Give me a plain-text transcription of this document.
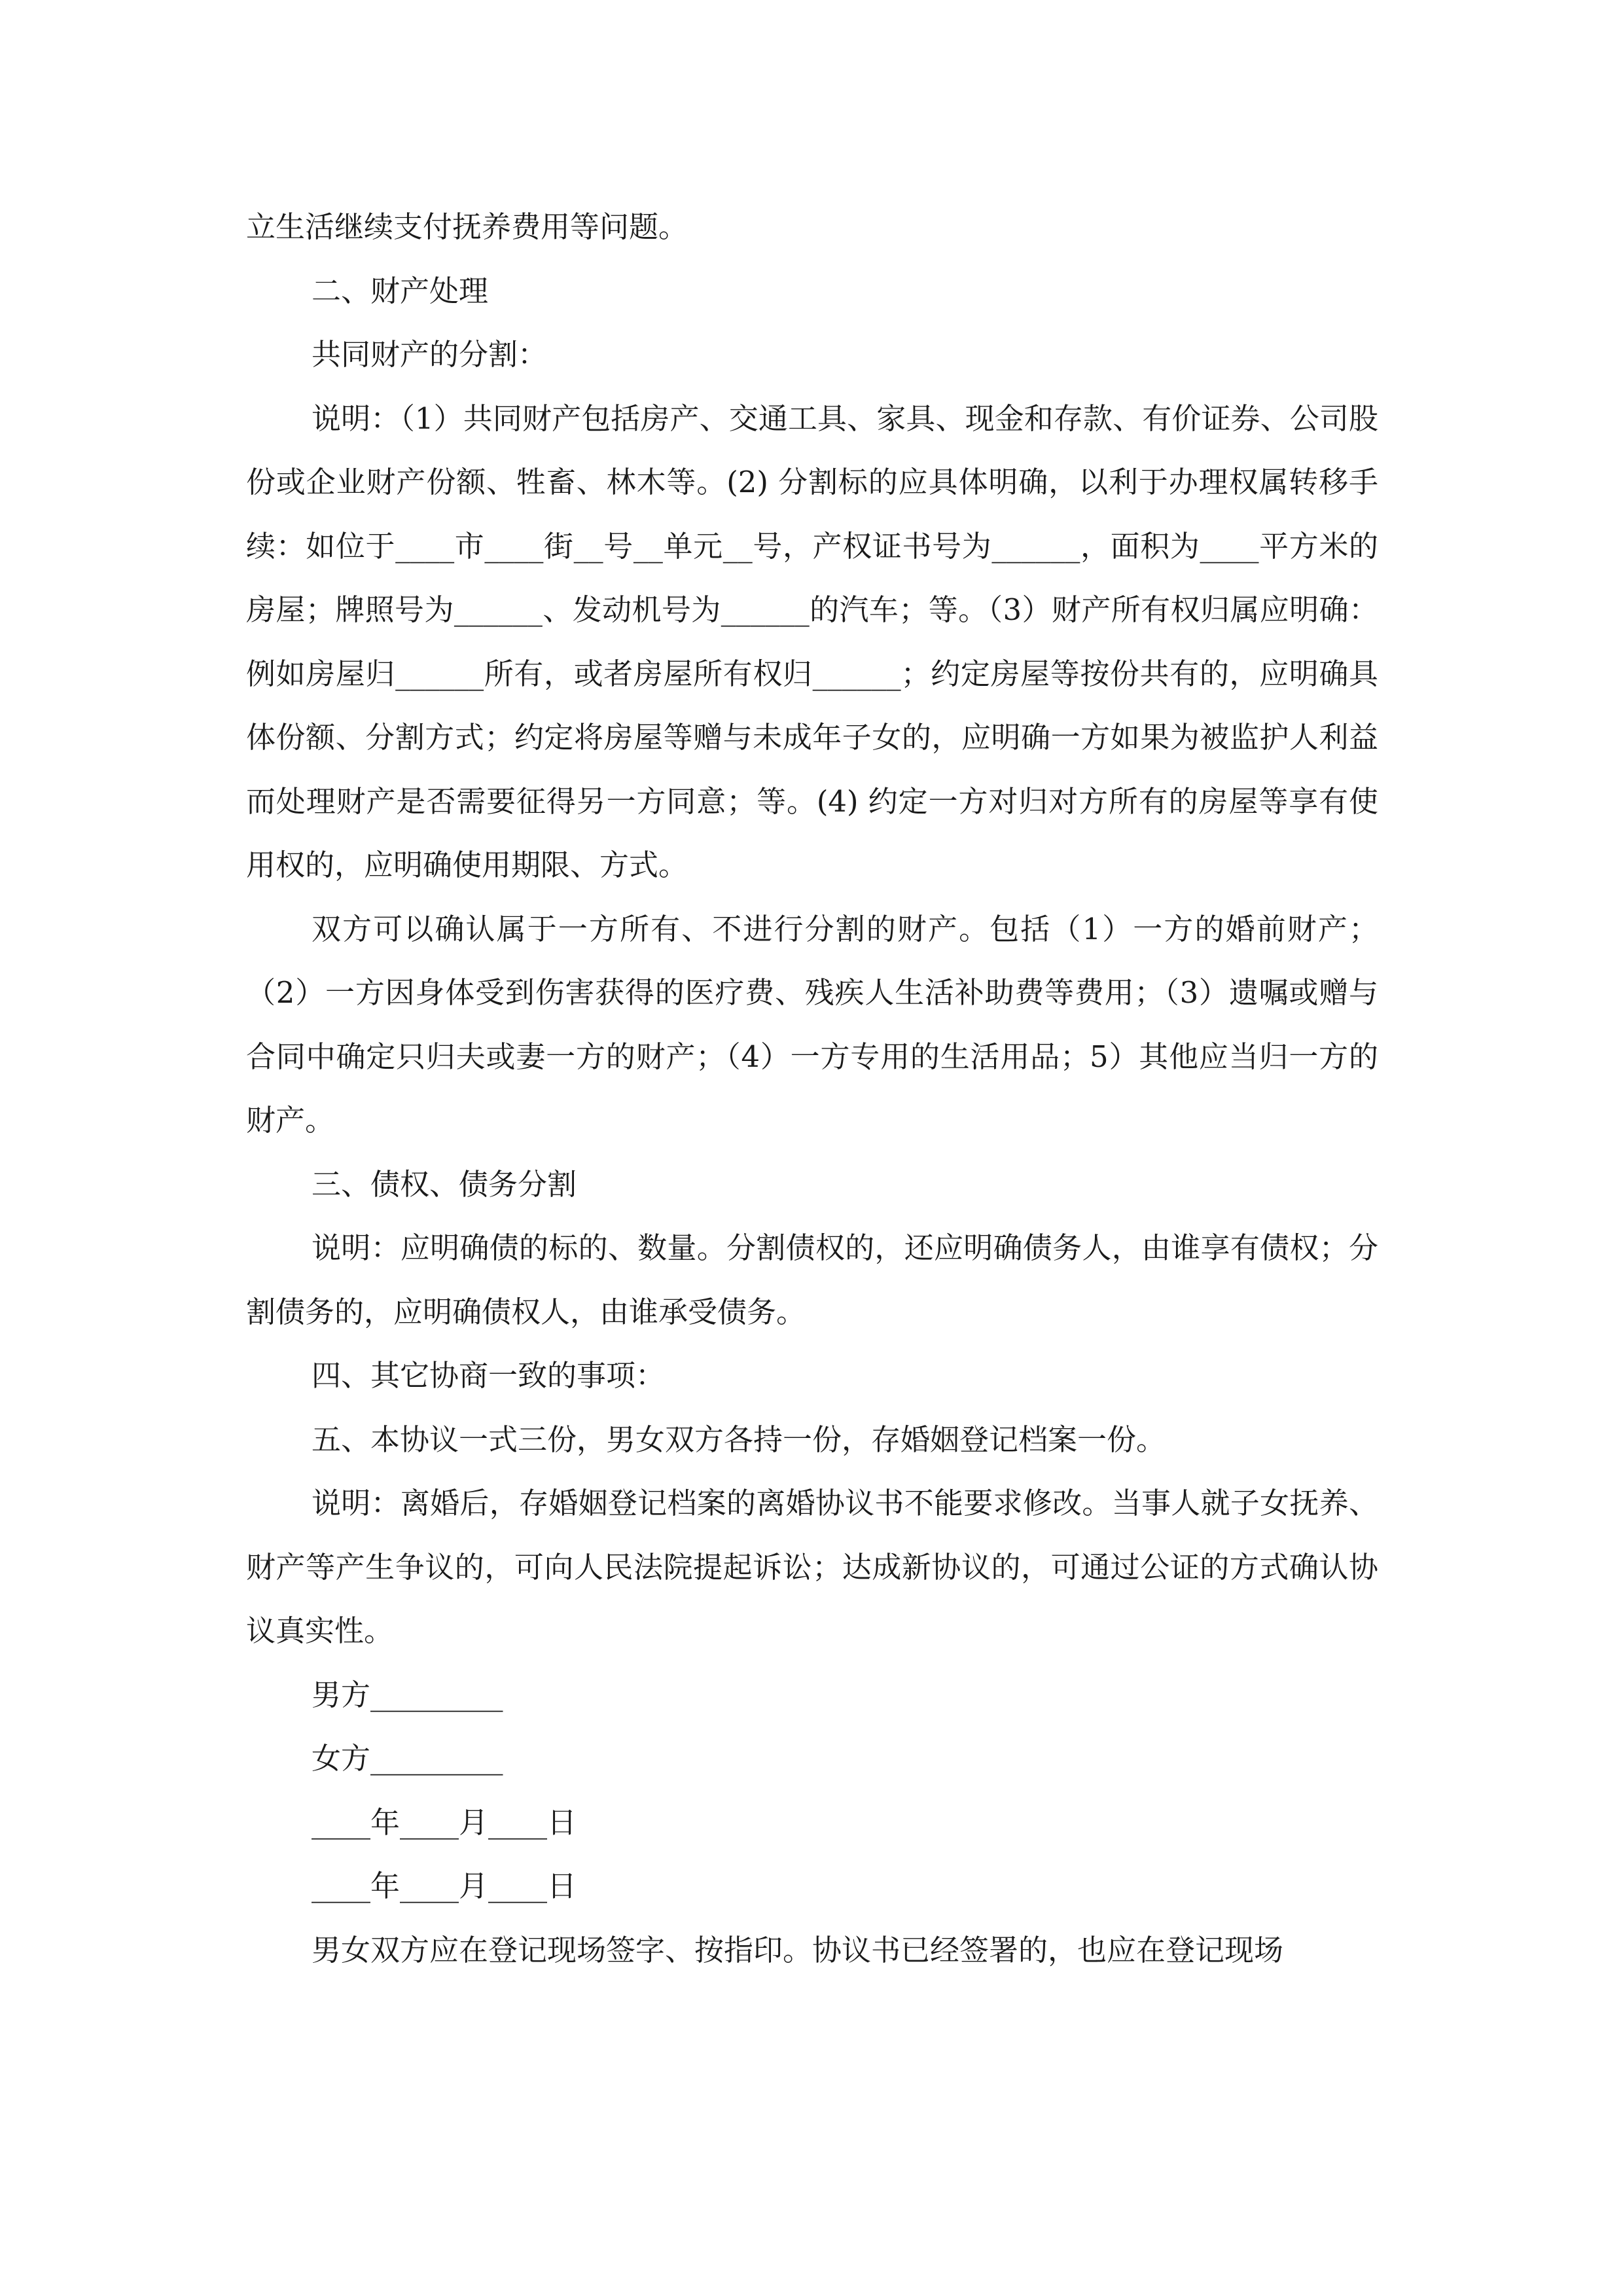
立生活继续支付抚养费用等问题。

二、财产处理

共同财产的分割：

说明：（1）共同财产包括房产、交通工具、家具、现金和存款、有价证券、公司股份或企业财产份额、牲畜、林木等。(2) 分割标的应具体明确，以利于办理权属转移手续：如位于____市____街__号__单元__号，产权证书号为______，面积为____平方米的房屋；牌照号为______、发动机号为______的汽车；等。（3）财产所有权归属应明确：例如房屋归______所有，或者房屋所有权归______；约定房屋等按份共有的，应明确具体份额、分割方式；约定将房屋等赠与未成年子女的，应明确一方如果为被监护人利益而处理财产是否需要征得另一方同意；等。(4) 约定一方对归对方所有的房屋等享有使用权的，应明确使用期限、方式。

双方可以确认属于一方所有、不进行分割的财产。包括（1）一方的婚前财产；（2）一方因身体受到伤害获得的医疗费、残疾人生活补助费等费用；（3）遗嘱或赠与合同中确定只归夫或妻一方的财产；（4）一方专用的生活用品；5）其他应当归一方的财产。

三、债权、债务分割

说明：应明确债的标的、数量。分割债权的，还应明确债务人，由谁享有债权；分割债务的，应明确债权人，由谁承受债务。

四、其它协商一致的事项：

五、本协议一式三份，男女双方各持一份，存婚姻登记档案一份。

说明：离婚后，存婚姻登记档案的离婚协议书不能要求修改。当事人就子女抚养、财产等产生争议的，可向人民法院提起诉讼；达成新协议的，可通过公证的方式确认协议真实性。

男方_________

女方_________

____年____月____日

____年____月____日

男女双方应在登记现场签字、按指印。协议书已经签署的，也应在登记现场
